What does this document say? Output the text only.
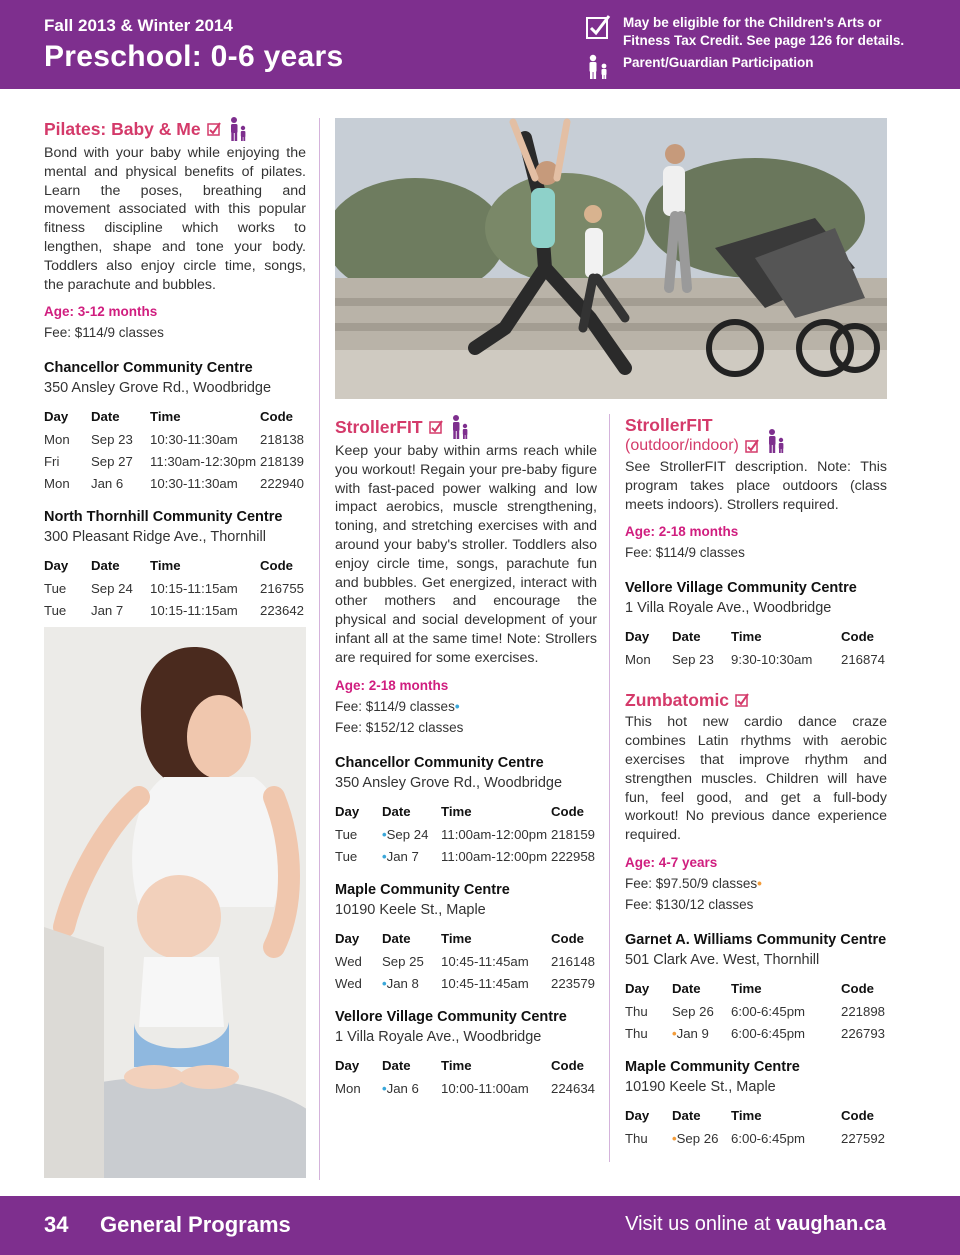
Fall 2013 & Winter 2014
Preschool: 0-6 years
May be eligible for the Children's Arts or Fitness Tax Credit. See page 126 for details.
Parent/Guardian Participation
Pilates: Baby & Me

Bond with your baby while enjoying the mental and physical benefits of pilates. Learn the poses, breathing and movement associated with this popular fitness discipline which works to lengthen, shape and tone your body. Toddlers also enjoy circle time, songs, the parachute and bubbles.

Age: 3-12 months
Fee: $114/9 classes
Chancellor Community Centre
350 Ansley Grove Rd., Woodbridge
Day	Date	Time	Code
Mon	Sep 23	10:30-11:30am	218138
Fri	Sep 27	11:30am-12:30pm	218139
Mon	Jan 6	10:30-11:30am	222940
North Thornhill Community Centre
300 Pleasant Ridge Ave., Thornhill
Day	Date	Time	Code
Tue	Sep 24	10:15-11:15am	216755
Tue	Jan 7	10:15-11:15am	223642
StrollerFIT

Keep your baby within arms reach while you workout! Regain your pre-baby figure with fast-paced power walking and low impact aerobics, muscle strengthening, toning, and stretching exercises with and around your baby's stroller. Toddlers also enjoy circle time, songs, parachute fun and bubbles. Get energized, interact with other mothers and encourage the physical and social development of your infant all at the same time! Note: Strollers are required for some exercises.

Age: 2-18 months
Fee: $114/9 classes•
Fee: $152/12 classes
Chancellor Community Centre
350 Ansley Grove Rd., Woodbridge
Day	Date	Time	Code
Tue	•Sep 24	11:00am-12:00pm	218159
Tue	•Jan 7	11:00am-12:00pm	222958
Maple Community Centre
10190 Keele St., Maple
Day	Date	Time	Code
Wed	Sep 25	10:45-11:45am	216148
Wed	•Jan 8	10:45-11:45am	223579
Vellore Village Community Centre
1 Villa Royale Ave., Woodbridge
Day	Date	Time	Code
Mon	•Jan 6	10:00-11:00am	224634
StrollerFIT
(outdoor/indoor)

See StrollerFIT description. Note: This program takes place outdoors (class meets indoors). Strollers required.

Age: 2-18 months
Fee: $114/9 classes
Vellore Village Community Centre
1 Villa Royale Ave., Woodbridge
Day	Date	Time	Code
Mon	Sep 23	9:30-10:30am	216874
Zumbatomic

This hot new cardio dance craze combines Latin rhythms with aerobic exercises that improve rhythm and strengthen muscles. Children will have fun, feel good, and get a full-body workout! No previous dance experience required.

Age: 4-7 years
Fee: $97.50/9 classes•
Fee: $130/12 classes
Garnet A. Williams Community Centre
501 Clark Ave. West, Thornhill
Day	Date	Time	Code
Thu	Sep 26	6:00-6:45pm	221898
Thu	•Jan 9	6:00-6:45pm	226793
Maple Community Centre
10190 Keele St., Maple
Day	Date	Time	Code
Thu	•Sep 26	6:00-6:45pm	227592
34 General Programs	Visit us online at vaughan.ca
